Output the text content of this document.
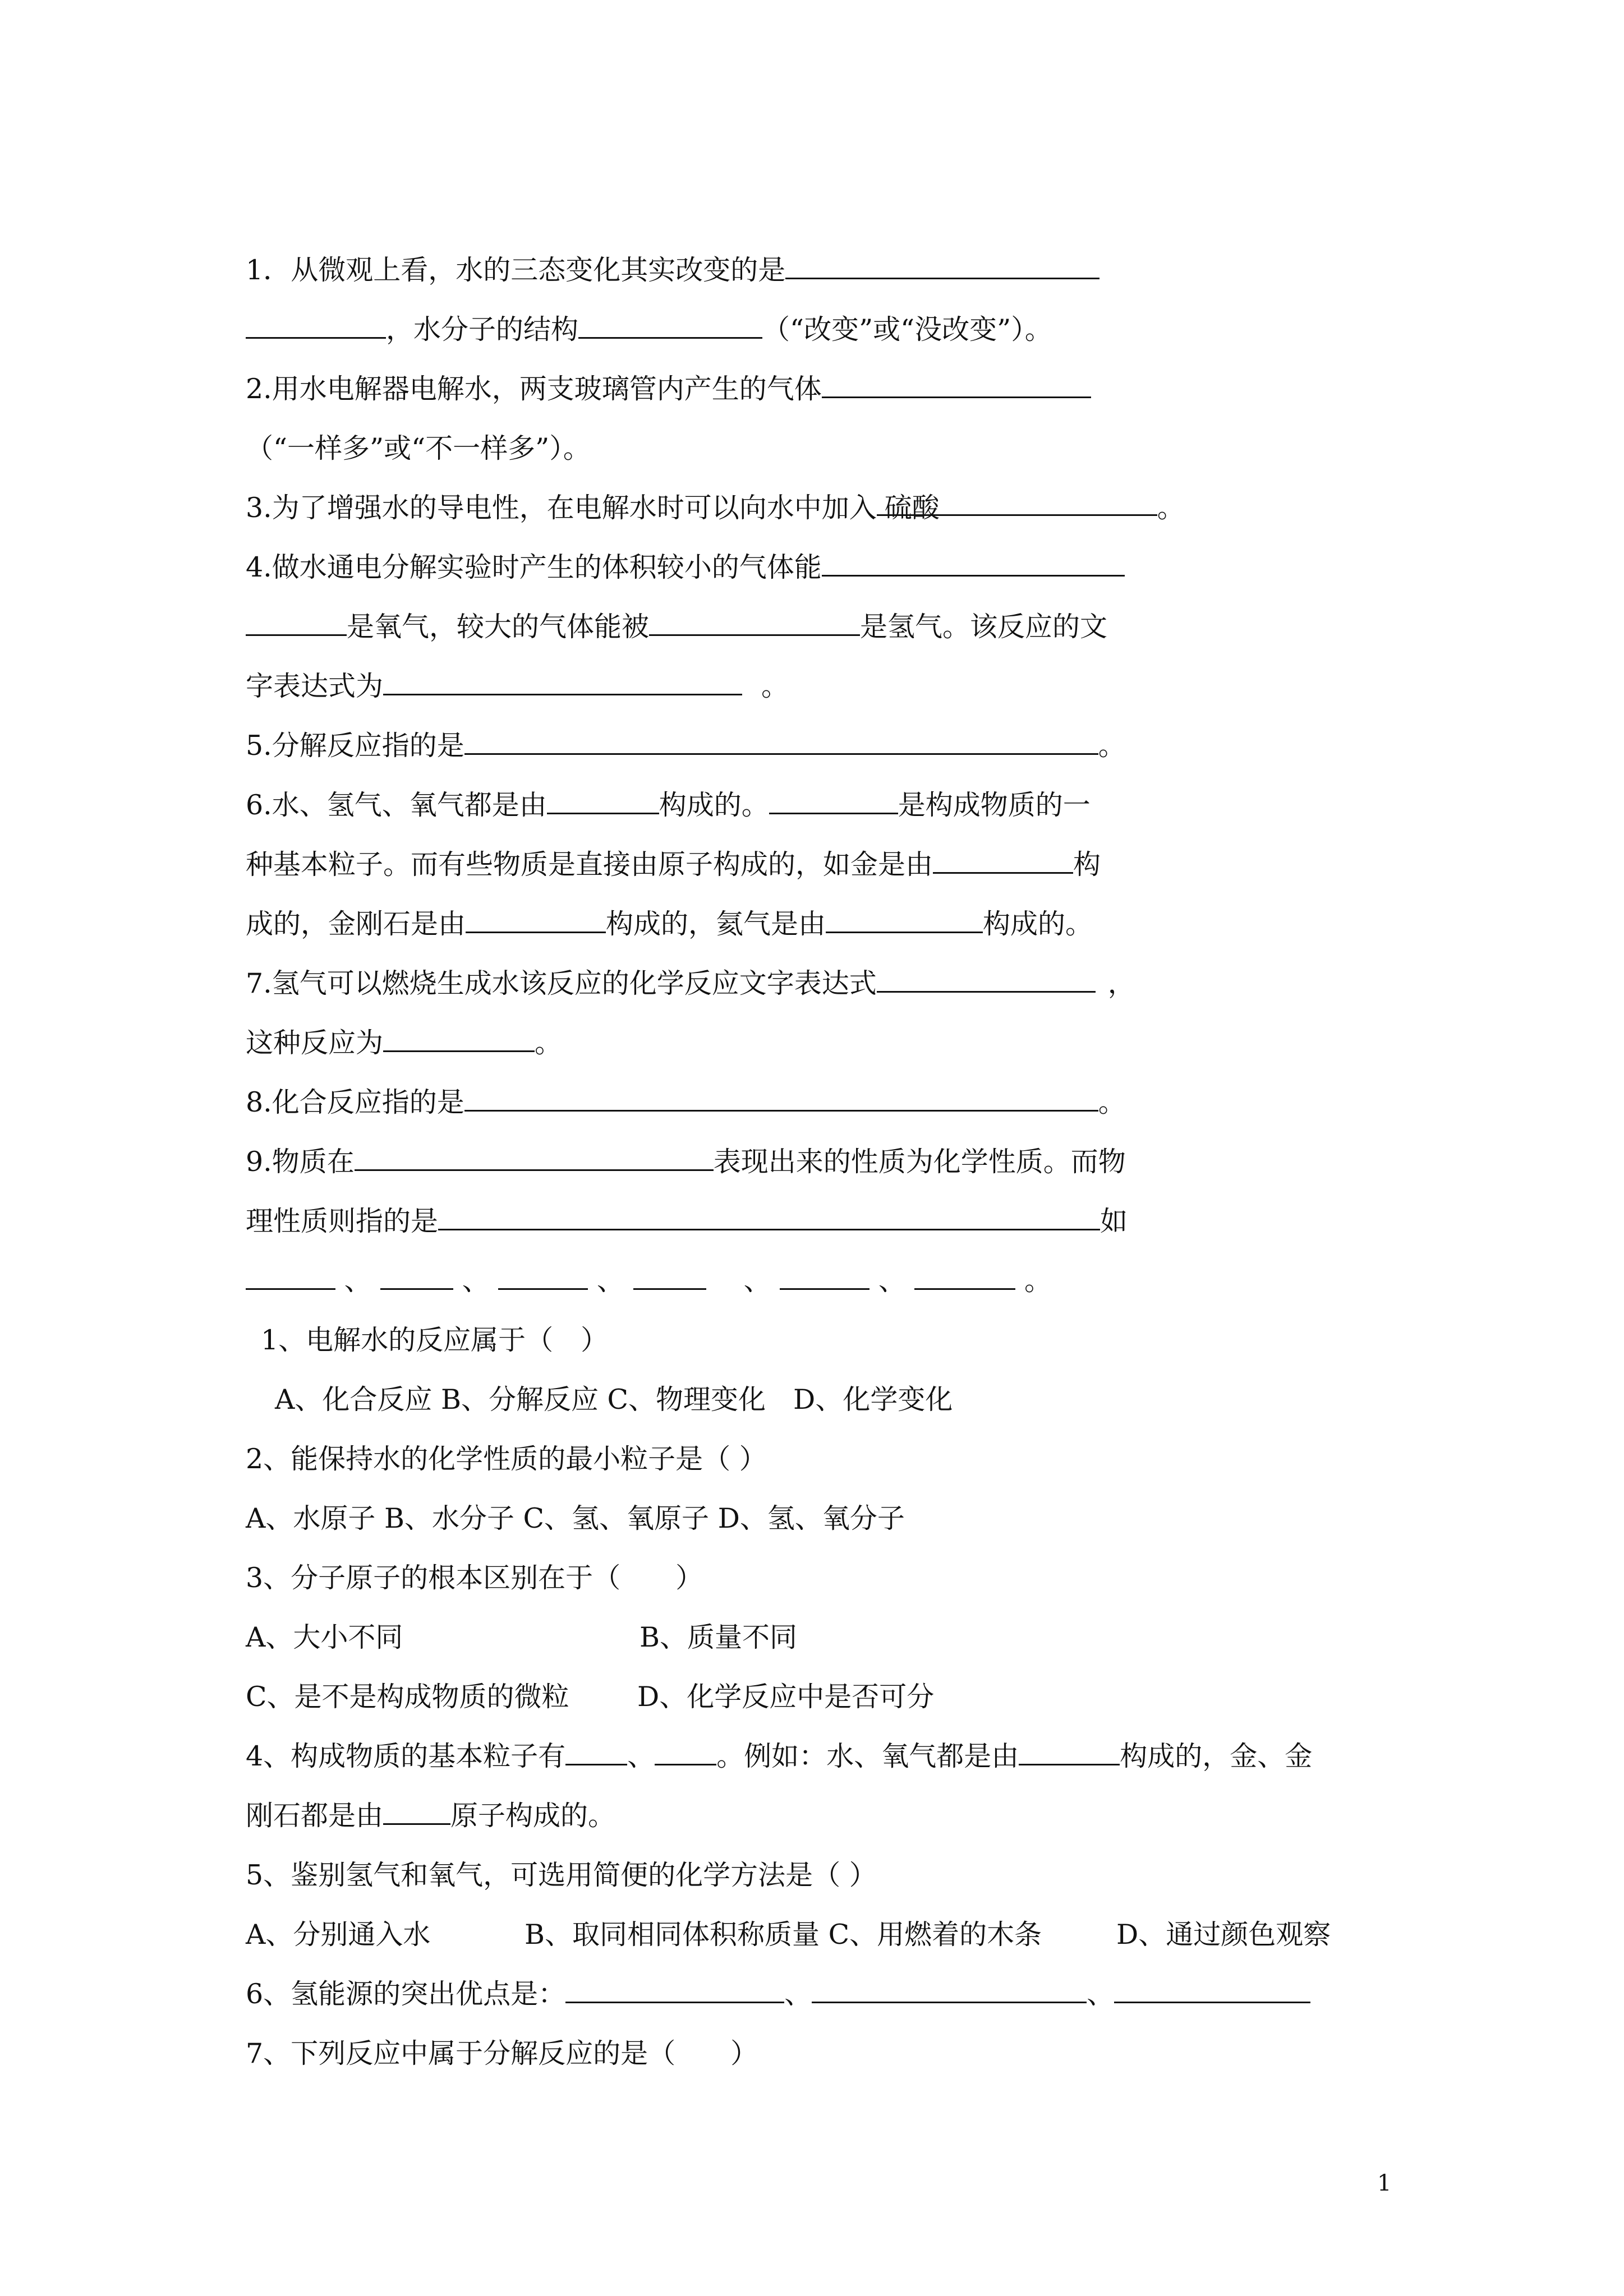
1．从微观上看，水的三态变化其实改变的是
，水分子的结构	（“改变”或“没改变”）。
2.用水电解器电解水，两支玻璃管内产生的气体
（“一样多”或“不一样多”）。
3.为了增强水的导电性，在电解水时可以向水中加入 硫酸	。
4.做水通电分解实验时产生的体积较小的气体能
是氧气，较大的气体能被	是氢气。该反应的文
字表达式为	。
5.分解反应指的是	。
6.水、氢气、氧气都是由	构成的。	是构成物质的一
种基本粒子。而有些物质是直接由原子构成的，如金是由	构
成的，金刚石是由	构成的，氦气是由	构成的。
7.氢气可以燃烧生成水该反应的化学反应文字表达式	，
这种反应为	。
8.化合反应指的是	。
9.物质在	表现出来的性质为化学性质。而物
理性质则指的是	如
、	、	、	、	、	。
1、电解水的反应属于（　）
A、化合反应 B、分解反应 C、物理变化　D、化学变化
2、能保持水的化学性质的最小粒子是（ ）
A、水原子 B、水分子 C、氢、氧原子 D、氢、氧分子
3、分子原子的根本区别在于（　　）
A、大小不同	B、质量不同
C、是不是构成物质的微粒 D、化学反应中是否可分
4、构成物质的基本粒子有 、 。例如：水、氧气都是由	构成的，金、金
刚石都是由 原子构成的。
5、鉴别氢气和氧气，可选用简便的化学方法是（ ）
A、分别通入水	B、取同相同体积称质量 C、用燃着的木条	D、通过颜色观察
6、氢能源的突出优点是：	、	、
7、下列反应中属于分解反应的是（　　）
1
